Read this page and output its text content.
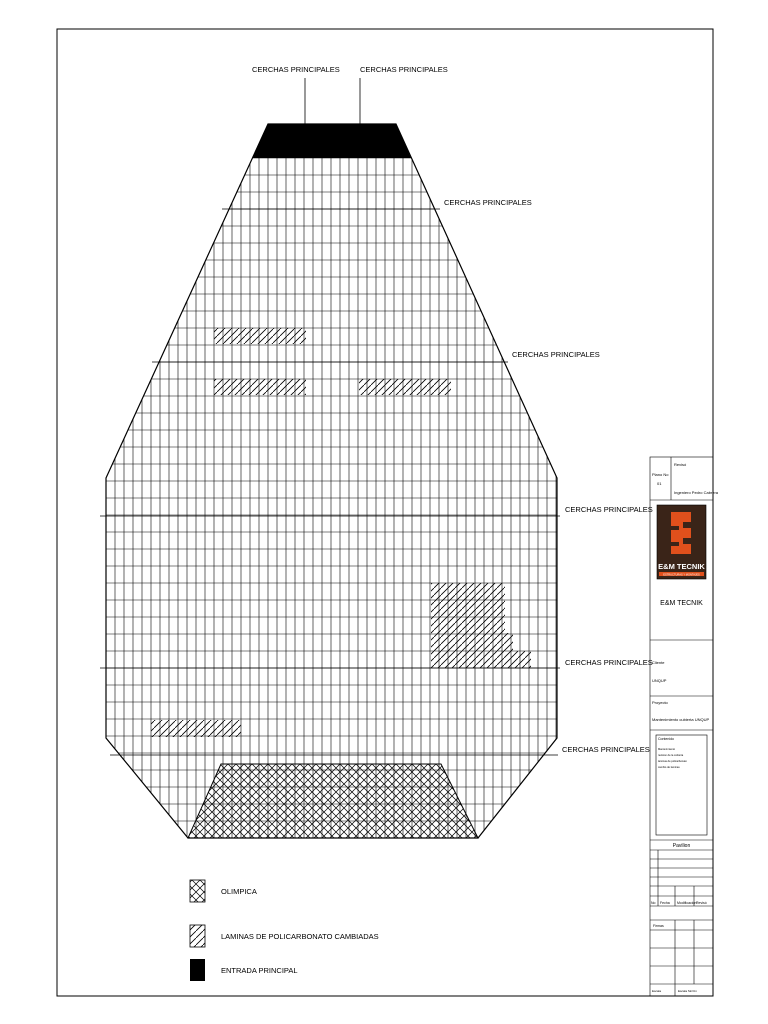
CERCHAS PRINCIPALES	CERCHAS PRINCIPALES
CERCHAS PRINCIPALES
CERCHAS PRINCIPALES
CERCHAS PRINCIPALES
CERCHAS PRINCIPALES
CERCHAS PRINCIPALES
OLIMPICA
LAMINAS DE POLICARBONATO CAMBIADAS
ENTRADA PRINCIPAL
E&M TECNIK
ESTRUCTURAS Y MONTAJES
Plano No
01
Revisó
Ingeniero Pedro Cabrera
E&M TECNIK
Cliente
UNQUP
Proyecto
Mantenimiento cubierta UNQUP
Contenido
Mantenimiento
revision de la cubierta
laminas de policarbonato
cambio de laminas
Pavilion
No Fecha Modificacion Revisó
Firmas
Escala	Escala Sin/Un
